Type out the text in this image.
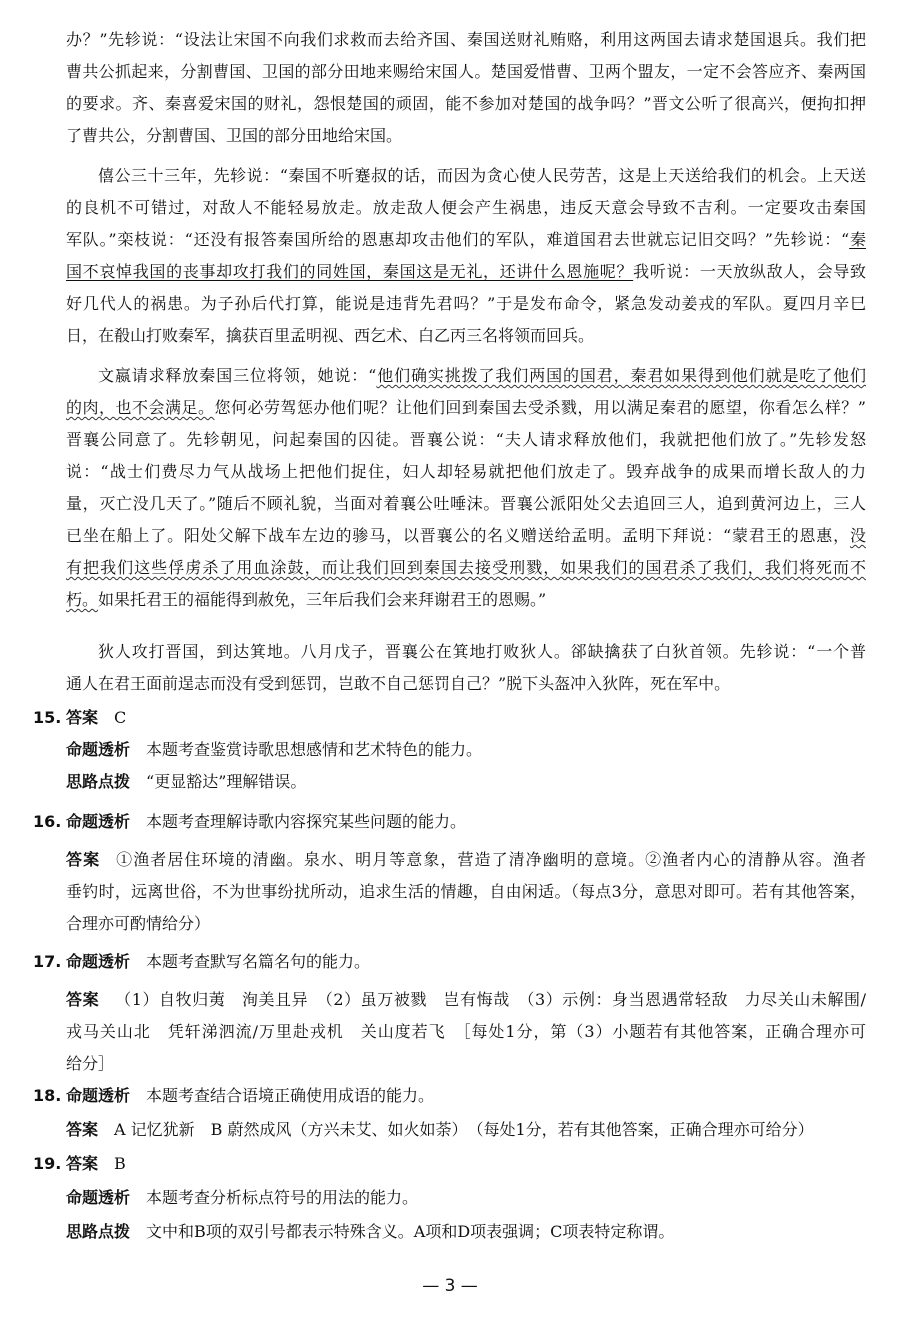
办？”先轸说：“设法让宋国不向我们求救而去给齐国、秦国送财礼贿赂，利用这两国去请求楚国退兵。我们把
曹共公抓起来，分割曹国、卫国的部分田地来赐给宋国人。楚国爱惜曹、卫两个盟友，一定不会答应齐、秦两国
的要求。齐、秦喜爱宋国的财礼，怨恨楚国的顽固，能不参加对楚国的战争吗？”晋文公听了很高兴，便拘扣押
了曹共公，分割曹国、卫国的部分田地给宋国。
僖公三十三年，先轸说：“秦国不听蹇叔的话，而因为贪心使人民劳苦，这是上天送给我们的机会。上天送
的良机不可错过，对敌人不能轻易放走。放走敌人便会产生祸患，违反天意会导致不吉利。一定要攻击秦国
军队。”栾枝说：“还没有报答秦国所给的恩惠却攻击他们的军队，难道国君去世就忘记旧交吗？”先轸说：“秦
国不哀悼我国的丧事却攻打我们的同姓国，秦国这是无礼，还讲什么恩施呢？我听说：一天放纵敌人，会导致
好几代人的祸患。为子孙后代打算，能说是违背先君吗？”于是发布命令，紧急发动姜戎的军队。夏四月辛巳
日，在殽山打败秦军，擒获百里孟明视、西乞术、白乙丙三名将领而回兵。
文嬴请求释放秦国三位将领，她说：“他们确实挑拨了我们两国的国君，秦君如果得到他们就是吃了他们
的肉，也不会满足。您何必劳驾惩办他们呢？让他们回到秦国去受杀戮，用以满足秦君的愿望，你看怎么样？”
晋襄公同意了。先轸朝见，问起秦国的囚徒。晋襄公说：“夫人请求释放他们，我就把他们放了。”先轸发怒
说：“战士们费尽力气从战场上把他们捉住，妇人却轻易就把他们放走了。毁弃战争的成果而增长敌人的力
量，灭亡没几天了。”随后不顾礼貌，当面对着襄公吐唾沫。晋襄公派阳处父去追回三人，追到黄河边上，三人
已坐在船上了。阳处父解下战车左边的骖马，以晋襄公的名义赠送给孟明。孟明下拜说：“蒙君王的恩惠，没
有把我们这些俘虏杀了用血涂鼓，而让我们回到秦国去接受刑戮，如果我们的国君杀了我们，我们将死而不
朽。如果托君王的福能得到赦免，三年后我们会来拜谢君王的恩赐。”
狄人攻打晋国，到达箕地。八月戊子，晋襄公在箕地打败狄人。郤缺擒获了白狄首领。先轸说：“一个普
通人在君王面前逞志而没有受到惩罚，岂敢不自己惩罚自己？”脱下头盔冲入狄阵，死在军中。
15. 答案 C
命题透析 本题考查鉴赏诗歌思想感情和艺术特色的能力。
思路点拨 “更显豁达”理解错误。
16. 命题透析 本题考查理解诗歌内容探究某些问题的能力。
答案 ①渔者居住环境的清幽。泉水、明月等意象，营造了清净幽明的意境。②渔者内心的清静从容。渔者
垂钓时，远离世俗，不为世事纷扰所动，追求生活的情趣，自由闲适。（每点3分，意思对即可。若有其他答案，
合理亦可酌情给分）
17. 命题透析 本题考查默写名篇名句的能力。
答案 （1）自牧归荑　洵美且异　（2）虽万被戮　岂有悔哉　（3）示例：身当恩遇常轻敌　力尽关山未解围/
戎马关山北　凭轩涕泗流/万里赴戎机　关山度若飞　［每处1分，第（3）小题若有其他答案，正确合理亦可
给分］
18. 命题透析 本题考查结合语境正确使用成语的能力。
答案 A 记忆犹新　B 蔚然成风（方兴未艾、如火如荼）　（每处1分，若有其他答案，正确合理亦可给分）
19. 答案 B
命题透析 本题考查分析标点符号的用法的能力。
思路点拨 文中和B项的双引号都表示特殊含义。A项和D项表强调；C项表特定称谓。
— 3 —
